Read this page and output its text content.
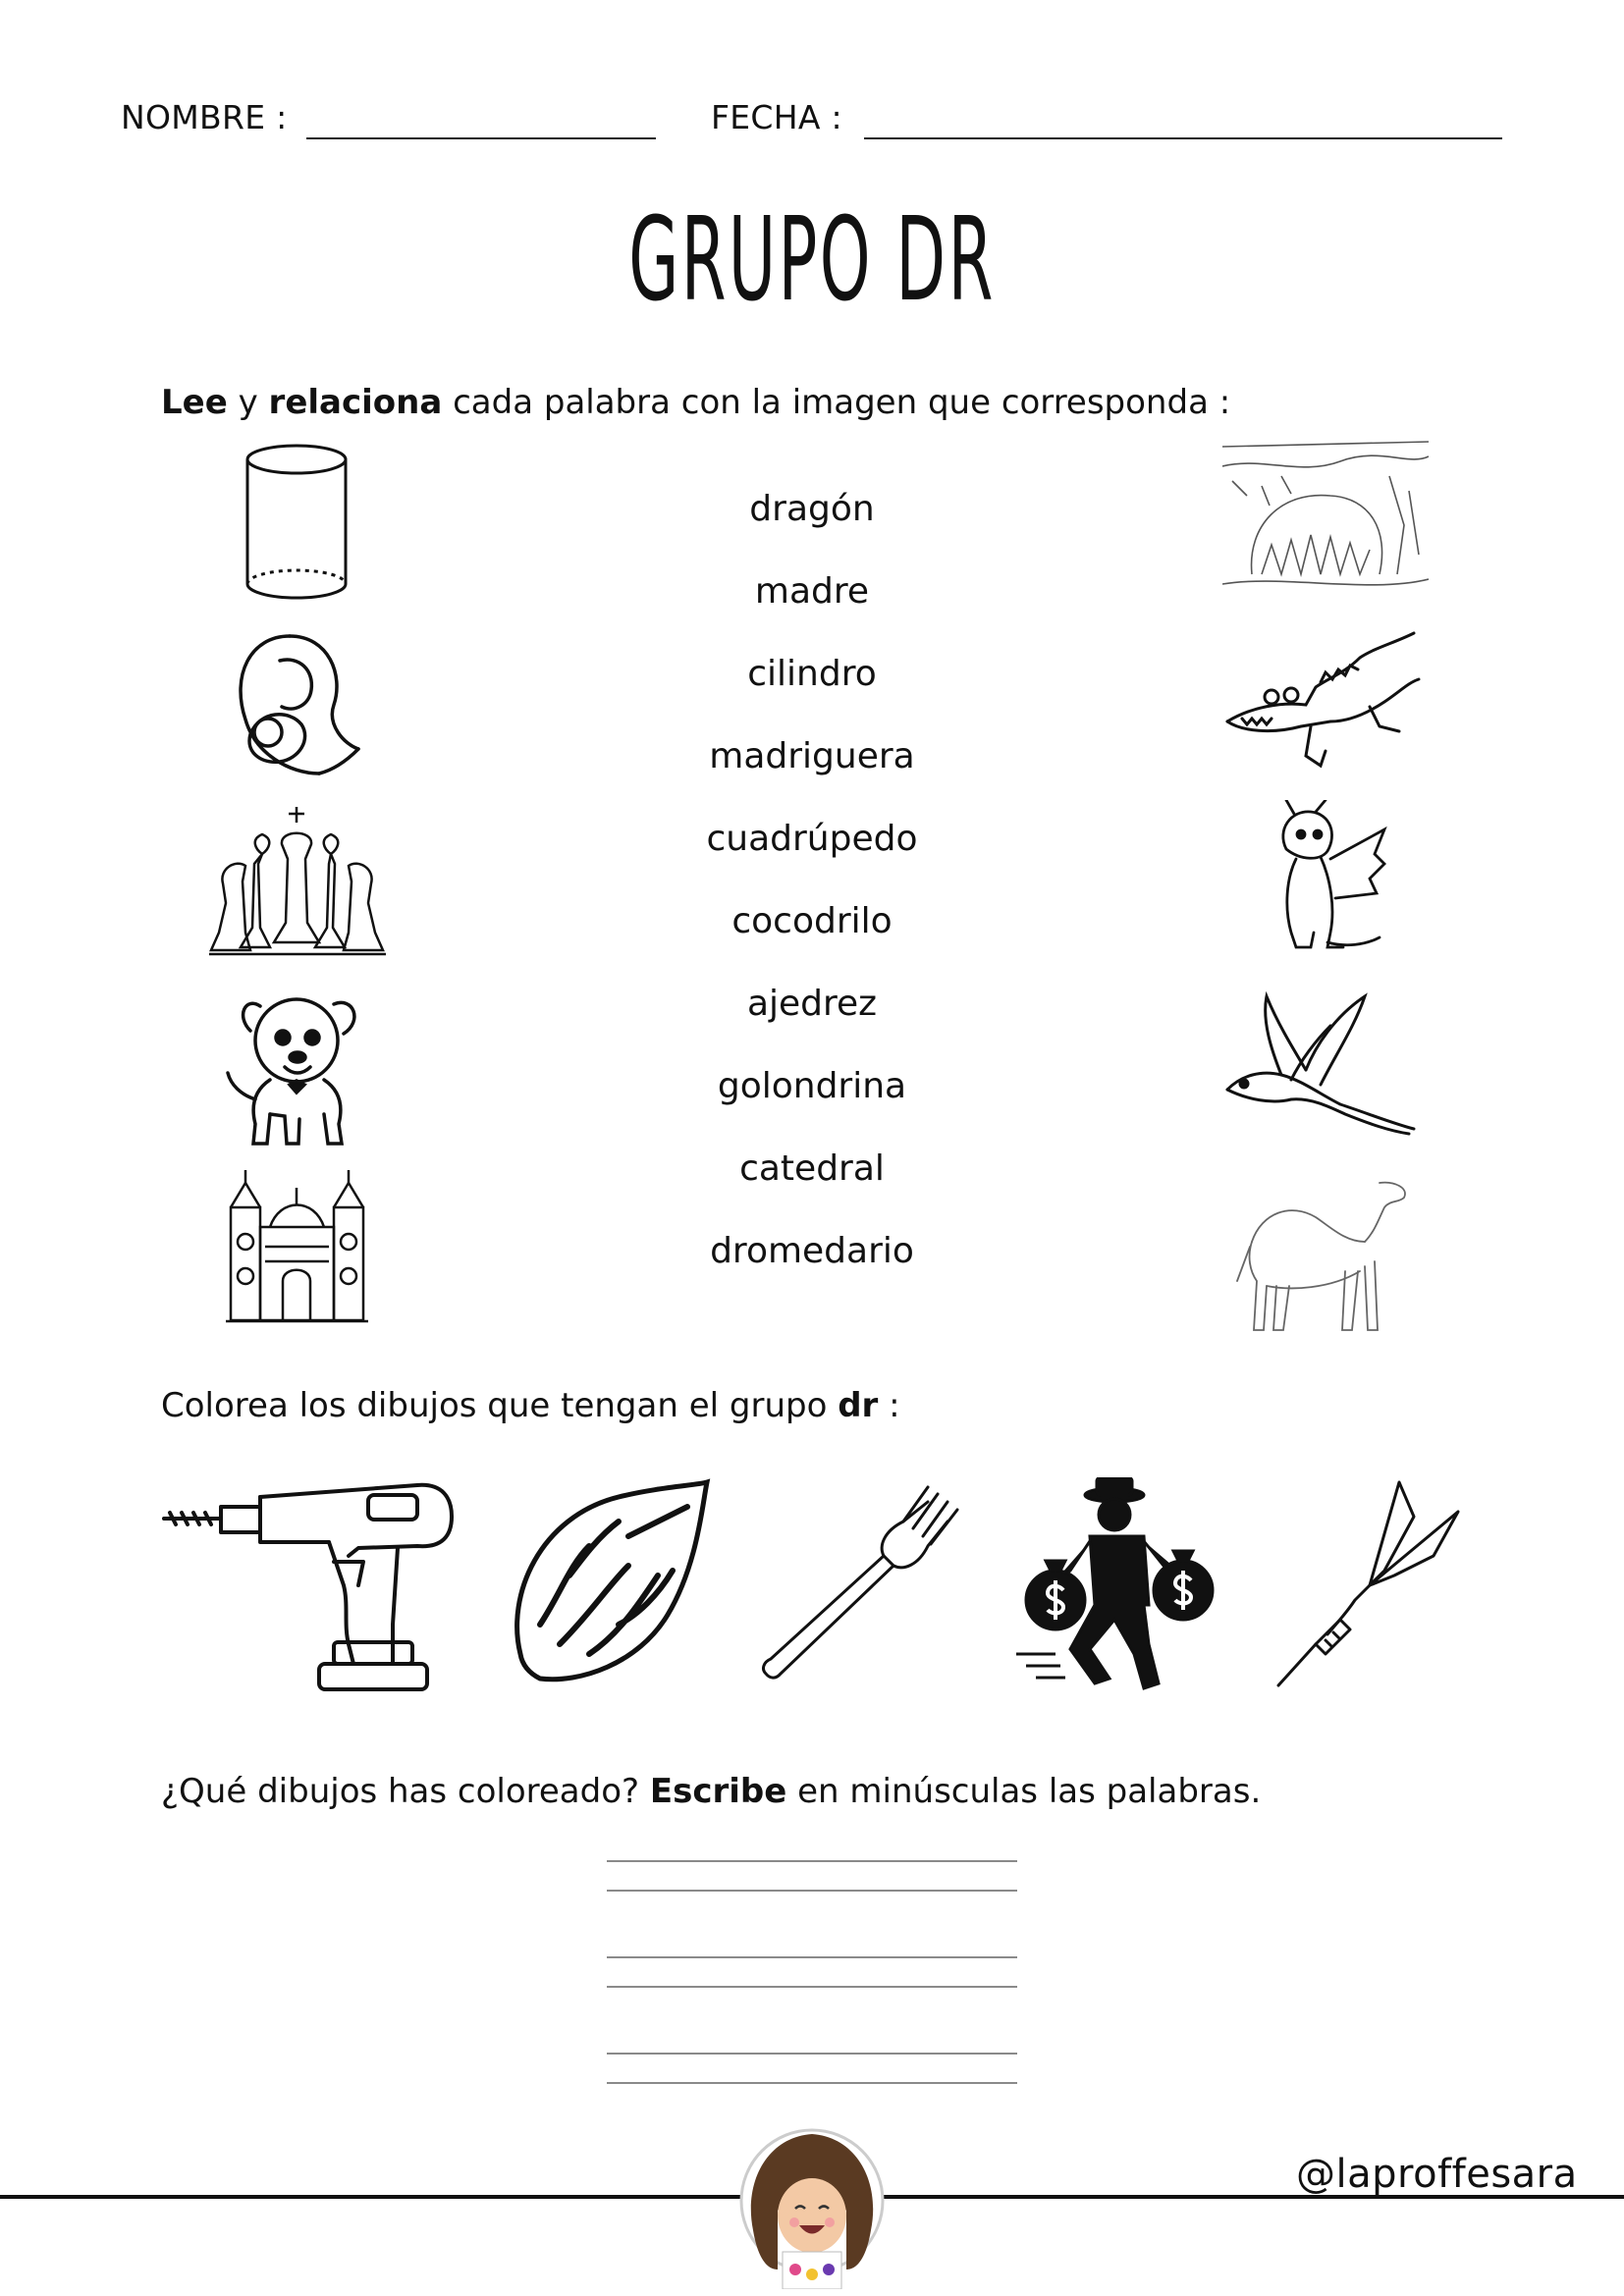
NOMBRE :	FECHA :
GRUPO DR
Lee y relaciona cada palabra con la imagen que corresponda :
dragón
madre
cilindro
madriguera
cuadrúpedo
cocodrilo
ajedrez
golondrina
catedral
dromedario
Colorea los dibujos que tengan el grupo dr :
¿Qué dibujos has coloreado? Escribe en minúsculas las palabras.
@laproffesara
